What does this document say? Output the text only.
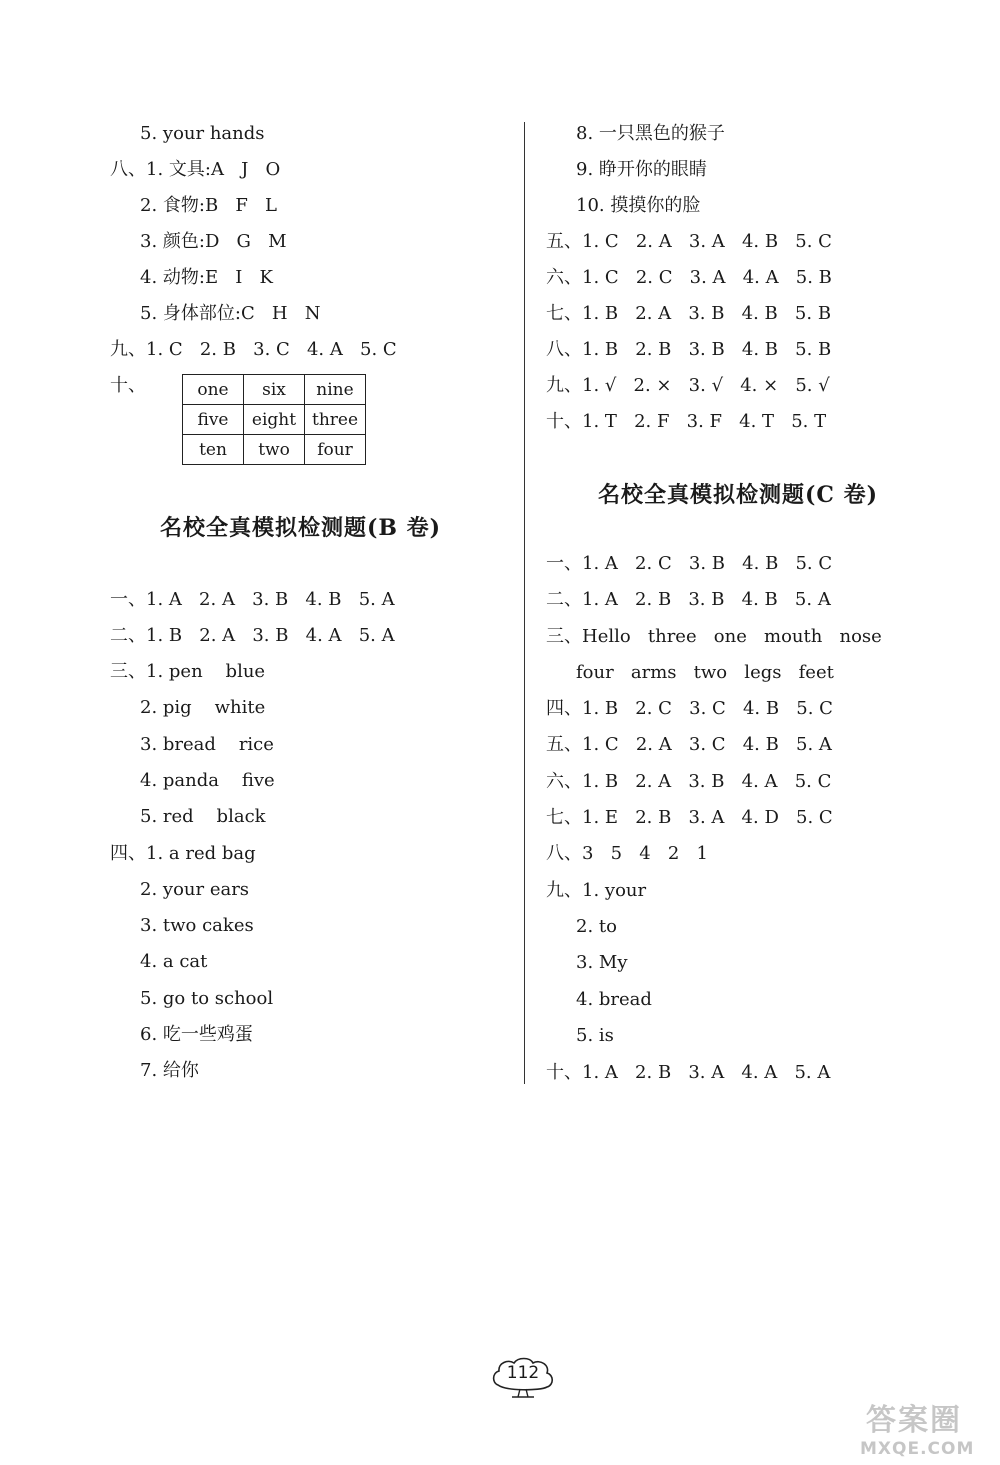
5. your hands
八、1. 文具:A   J   O
2. 食物:B   F   L
3. 颜色:D   G   M
4. 动物:E   I   K
5. 身体部位:C   H   N
九、1. C   2. B   3. C   4. A   5. C
十、
一、1. A   2. A   3. B   4. B   5. A
二、1. B   2. A   3. B   4. A   5. A
三、1. pen    blue
2. pig    white
3. bread    rice
4. panda    five
5. red    black
四、1. a red bag
2. your ears
3. two cakes
4. a cat
5. go to school
6. 吃一些鸡蛋
7. 给你
one	six	nine
five	eight	three
ten	two	four
名校全真模拟检测题(B 卷)
8. 一只黑色的猴子
9. 睁开你的眼睛
10. 摸摸你的脸
五、1. C   2. A   3. A   4. B   5. C
六、1. C   2. C   3. A   4. A   5. B
七、1. B   2. A   3. B   4. B   5. B
八、1. B   2. B   3. B   4. B   5. B
九、1. √   2. ×   3. √   4. ×   5. √
十、1. T   2. F   3. F   4. T   5. T
一、1. A   2. C   3. B   4. B   5. C
二、1. A   2. B   3. B   4. B   5. A
三、Hello   three   one   mouth   nose
four   arms   two   legs   feet
四、1. B   2. C   3. C   4. B   5. C
五、1. C   2. A   3. C   4. B   5. A
六、1. B   2. A   3. B   4. A   5. C
七、1. E   2. B   3. A   4. D   5. C
八、3   5   4   2   1
九、1. your
2. to
3. My
4. bread
5. is
十、1. A   2. B   3. A   4. A   5. A
名校全真模拟检测题(C 卷)
112
答案圈
MXQE.COM
